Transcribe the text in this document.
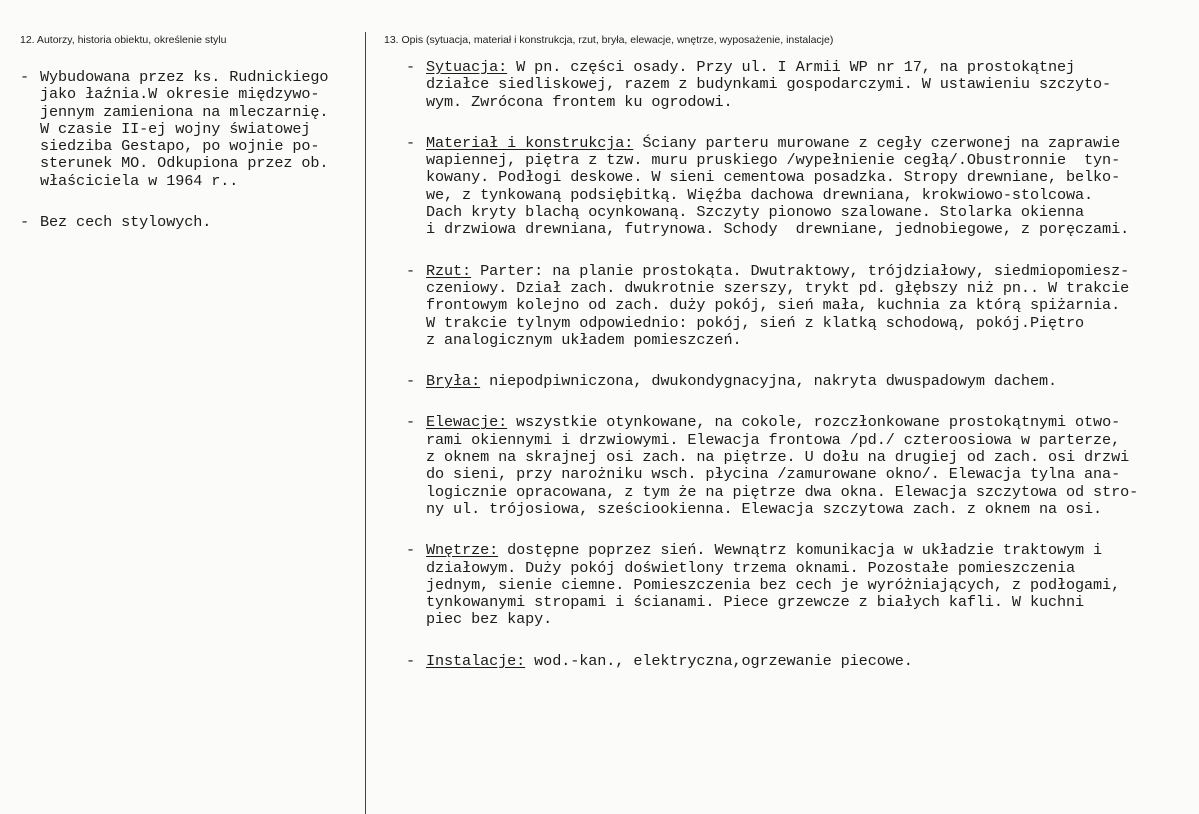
12. Autorzy, historia obiektu, określenie stylu	13. Opis (sytuacja, materiał i konstrukcja, rzut, bryła, elewacje, wnętrze, wyposażenie, instalacje)
- Wybudowana przez ks. Rudnickiego
jako łaźnia.W okresie międzywo-
jennym zamieniona na mleczarnię.
W czasie II-ej wojny światowej
siedziba Gestapo, po wojnie po-
sterunek MO. Odkupiona przez ob.
właściciela w 1964 r..
- Bez cech stylowych.
- Sytuacja: W pn. części osady. Przy ul. I Armii WP nr 17, na prostokątnej
działce siedliskowej, razem z budynkami gospodarczymi. W ustawieniu szczyto-
wym. Zwrócona frontem ku ogrodowi.
- Materiał i konstrukcja: Ściany parteru murowane z cegły czerwonej na zaprawie
wapiennej, piętra z tzw. muru pruskiego /wypełnienie cegłą/.Obustronnie  tyn-
kowany. Podłogi deskowe. W sieni cementowa posadzka. Stropy drewniane, belko-
we, z tynkowaną podsiębitką. Więźba dachowa drewniana, krokwiowo-stolcowa.
Dach kryty blachą ocynkowaną. Szczyty pionowo szalowane. Stolarka okienna
i drzwiowa drewniana, futrynowa. Schody  drewniane, jednobiegowe, z poręczami.
- Rzut: Parter: na planie prostokąta. Dwutraktowy, trójdziałowy, siedmiopomiesz-
czeniowy. Dział zach. dwukrotnie szerszy, trykt pd. głębszy niż pn.. W trakcie
frontowym kolejno od zach. duży pokój, sień mała, kuchnia za którą spiżarnia.
W trakcie tylnym odpowiednio: pokój, sień z klatką schodową, pokój.Piętro
z analogicznym układem pomieszczeń.
- Bryła: niepodpiwniczona, dwukondygnacyjna, nakryta dwuspadowym dachem.
- Elewacje: wszystkie otynkowane, na cokole, rozczłonkowane prostokątnymi otwo-
rami okiennymi i drzwiowymi. Elewacja frontowa /pd./ czteroosiowa w parterze,
z oknem na skrajnej osi zach. na piętrze. U dołu na drugiej od zach. osi drzwi
do sieni, przy narożniku wsch. płycina /zamurowane okno/. Elewacja tylna ana-
logicznie opracowana, z tym że na piętrze dwa okna. Elewacja szczytowa od stro-
ny ul. trójosiowa, sześciookienna. Elewacja szczytowa zach. z oknem na osi.
- Wnętrze: dostępne poprzez sień. Wewnątrz komunikacja w układzie traktowym i
działowym. Duży pokój doświetlony trzema oknami. Pozostałe pomieszczenia
jednym, sienie ciemne. Pomieszczenia bez cech je wyróżniających, z podłogami,
tynkowanymi stropami i ścianami. Piece grzewcze z białych kafli. W kuchni
piec bez kapy.
- Instalacje: wod.-kan., elektryczna,ogrzewanie piecowe.
